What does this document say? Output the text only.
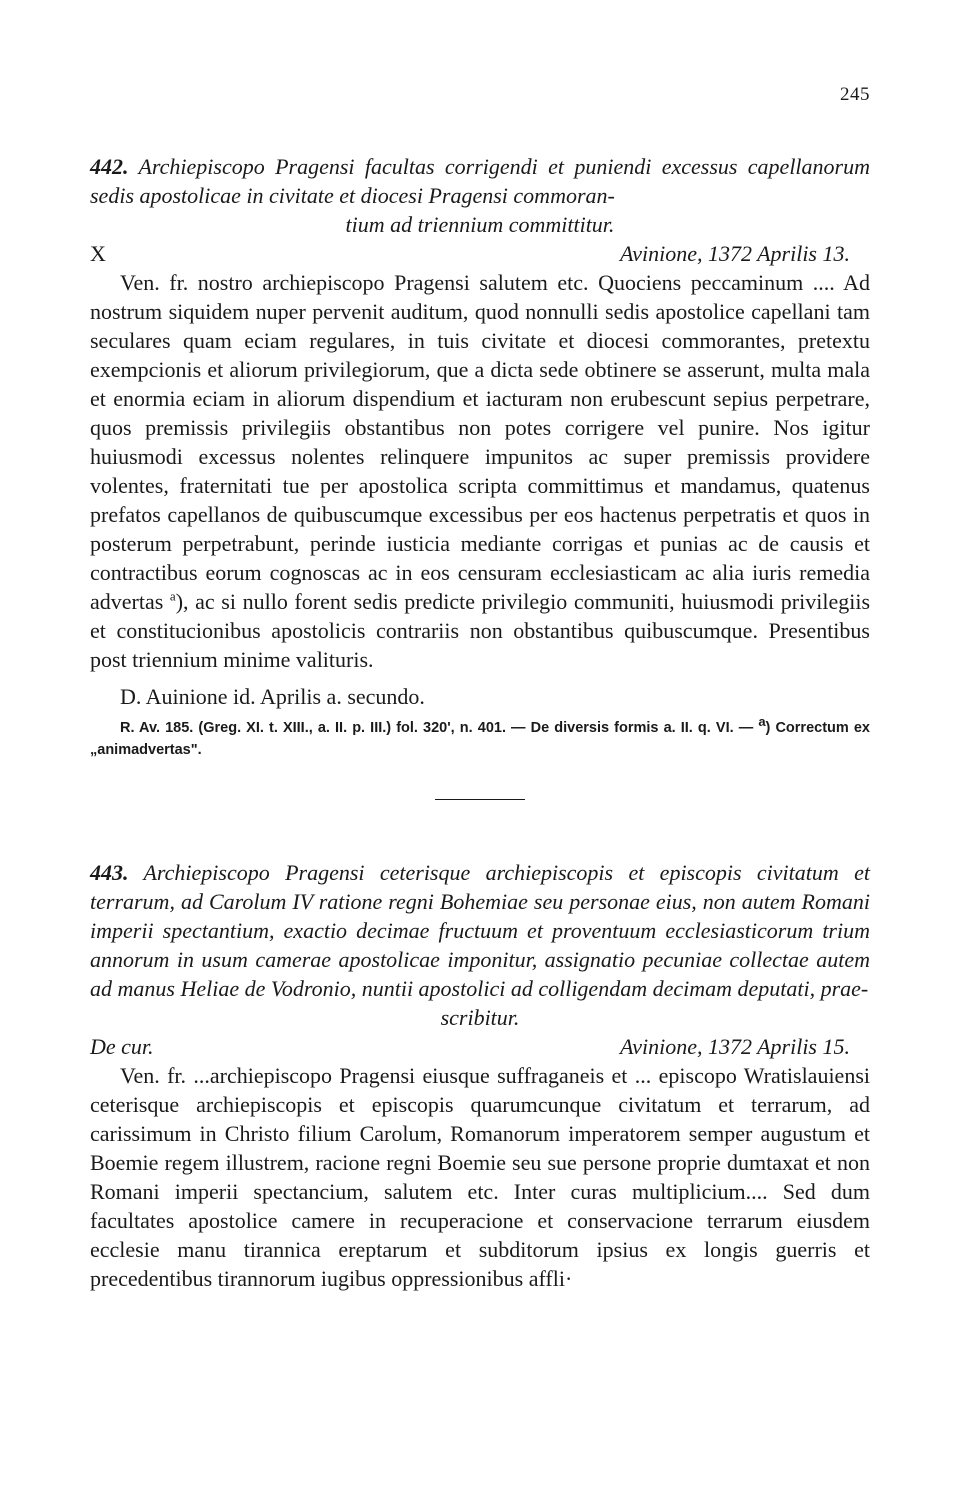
245

442. Archiepiscopo Pragensi facultas corrigendi et puniendi excessus capellanorum sedis apostolicae in civitate et diocesi Pragensi commoran-

tium ad triennium committitur.

X	Avinione, 1372 Aprilis 13.

Ven. fr. nostro archiepiscopo Pragensi salutem etc. Quociens peccaminum .... Ad nostrum siquidem nuper pervenit auditum, quod nonnulli sedis apostolice capellani tam seculares quam eciam regulares, in tuis civitate et diocesi commorantes, pretextu exempcionis et aliorum privilegiorum, que a dicta sede obtinere se asserunt, multa mala et enormia eciam in aliorum dispendium et iacturam non erubescunt sepius perpetrare, quos premissis privilegiis obstantibus non potes corrigere vel punire. Nos igitur huiusmodi excessus nolentes relinquere impunitos ac super premissis providere volentes, fraternitati tue per apostolica scripta committimus et mandamus, quatenus prefatos capellanos de quibuscumque excessibus per eos hactenus perpetratis et quos in posterum perpetrabunt, perinde iusticia mediante corrigas et punias ac de causis et contractibus eorum cognoscas ac in eos censuram ecclesiasticam ac alia iuris remedia advertas $^a$), ac si nullo forent sedis predicte privilegio communiti, huiusmodi privilegiis et constitucionibus apostolicis contrariis non obstantibus quibuscumque. Presentibus post triennium minime valituris.

D. Auinione id. Aprilis a. secundo.

R. Av. 185. (Greg. XI. t. XIII., a. II. p. III.) fol. 320', n. 401. — De diversis formis a. II. q. VI. — $^a$) Correctum ex „animadvertas".

443. Archiepiscopo Pragensi ceterisque archiepiscopis et episcopis civitatum et terrarum, ad Carolum IV ratione regni Bohemiae seu personae eius, non autem Romani imperii spectantium, exactio decimae fructuum et proventuum ecclesiasticorum trium annorum in usum camerae apostolicae imponitur, assignatio pecuniae collectae autem ad manus Heliae de Vodronio, nuntii apostolici ad colligendam decimam deputati, prae-

scribitur.

De cur.	Avinione, 1372 Aprilis 15.

Ven. fr. ...archiepiscopo Pragensi eiusque suffraganeis et ... episcopo Wratislauiensi ceterisque archiepiscopis et episcopis quarumcunque civitatum et terrarum, ad carissimum in Christo filium Carolum, Romanorum imperatorem semper augustum et Boemie regem illustrem, racione regni Boemie seu sue persone proprie dumtaxat et non Romani imperii spectancium, salutem etc. Inter curas multiplicium.... Sed dum facultates apostolice camere in recuperacione et conservacione terrarum eiusdem ecclesie manu tirannica ereptarum et subditorum ipsius ex longis guerris et precedentibus tirannorum iugibus oppressionibus affli·
